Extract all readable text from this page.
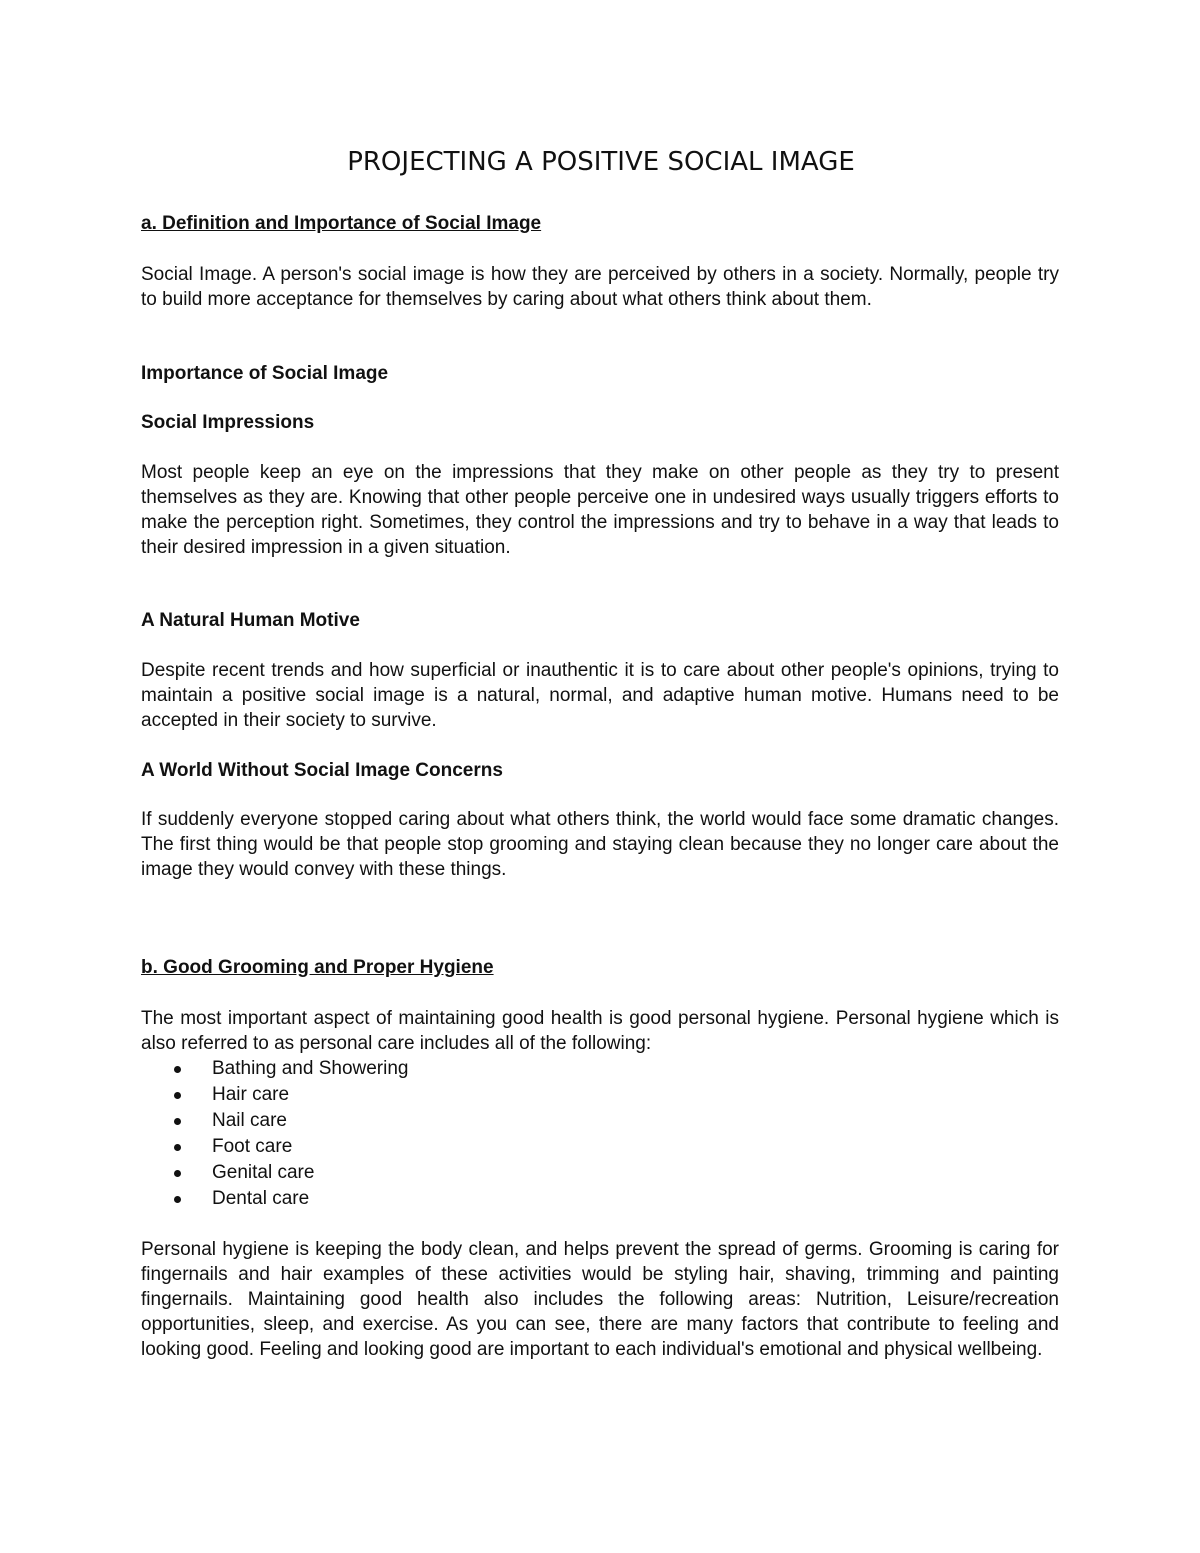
PROJECTING A POSITIVE SOCIAL IMAGE
a. Definition and Importance of Social Image

Social Image. A person's social image is how they are perceived by others in a society. Normally, people try to build more acceptance for themselves by caring about what others think about them.

Importance of Social Image
Social Impressions

Most people keep an eye on the impressions that they make on other people as they try to present themselves as they are. Knowing that other people perceive one in undesired ways usually triggers efforts to make the perception right. Sometimes, they control the impressions and try to behave in a way that leads to their desired impression in a given situation.

A Natural Human Motive

Despite recent trends and how superficial or inauthentic it is to care about other people's opinions, trying to maintain a positive social image is a natural, normal, and adaptive human motive. Humans need to be accepted in their society to survive.

A World Without Social Image Concerns

If suddenly everyone stopped caring about what others think, the world would face some dramatic changes. The first thing would be that people stop grooming and staying clean because they no longer care about the image they would convey with these things.

b. Good Grooming and Proper Hygiene

The most important aspect of maintaining good health is good personal hygiene. Personal hygiene which is also referred to as personal care includes all of the following:

Bathing and Showering
Hair care
Nail care
Foot care
Genital care
Dental care

Personal hygiene is keeping the body clean, and helps prevent the spread of germs. Grooming is caring for fingernails and hair examples of these activities would be styling hair, shaving, trimming and painting fingernails. Maintaining good health also includes the following areas: Nutrition, Leisure/recreation opportunities, sleep, and exercise. As you can see, there are many factors that contribute to feeling and looking good. Feeling and looking good are important to each individual's emotional and physical wellbeing.
